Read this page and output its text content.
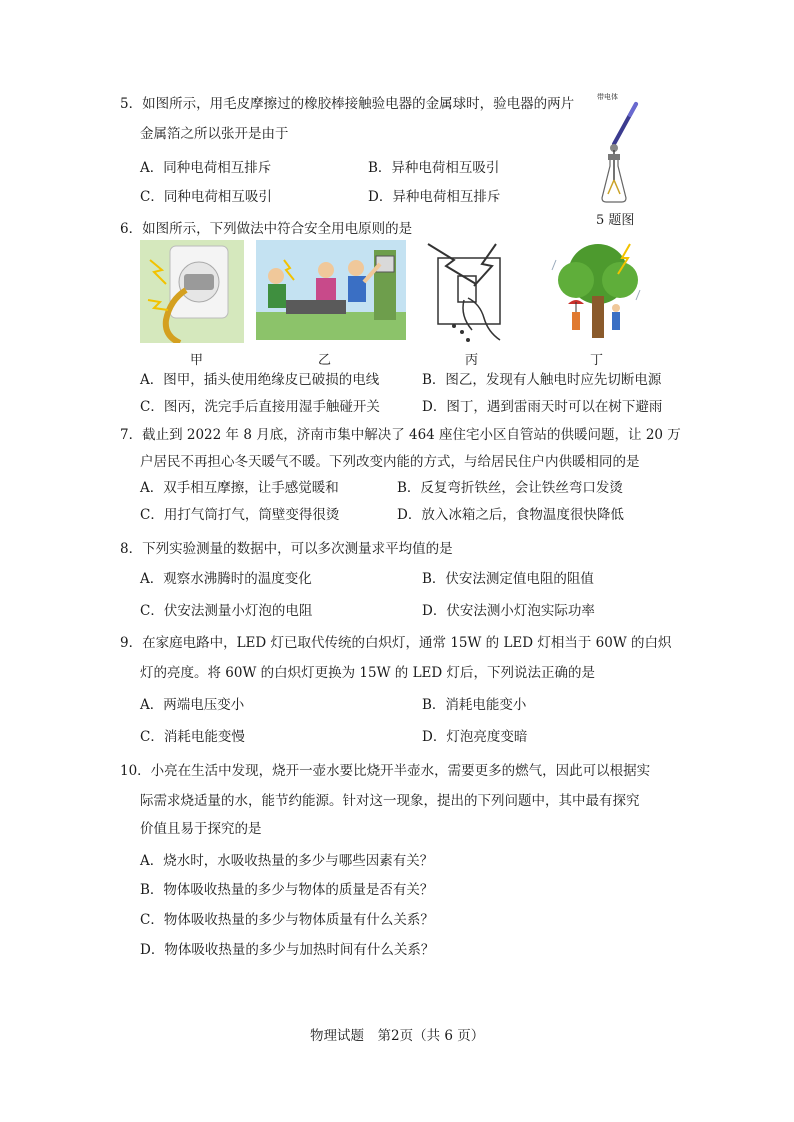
5．如图所示，用毛皮摩擦过的橡胶棒接触验电器的金属球时，验电器的两片
金属箔之所以张开是由于
A．同种电荷相互排斥	B．异种电荷相互吸引
C．同种电荷相互吸引	D．异种电荷相互排斥
带电体
5 题图
6．如图所示，下列做法中符合安全用电原则的是
甲	乙	丙	丁
A．图甲，插头使用绝缘皮已破损的电线	B．图乙，发现有人触电时应先切断电源
C．图丙，洗完手后直接用湿手触碰开关	D．图丁，遇到雷雨天时可以在树下避雨
7．截止到 2022 年 8 月底，济南市集中解决了 464 座住宅小区自管站的供暖问题，让 20 万
户居民不再担心冬天暖气不暖。下列改变内能的方式，与给居民住户内供暖相同的是
A．双手相互摩擦，让手感觉暖和	B．反复弯折铁丝，会让铁丝弯口发烫
C．用打气筒打气，筒壁变得很烫	D．放入冰箱之后，食物温度很快降低
8．下列实验测量的数据中，可以多次测量求平均值的是
A．观察水沸腾时的温度变化	B．伏安法测定值电阻的阻值
C．伏安法测量小灯泡的电阻	D．伏安法测小灯泡实际功率
9．在家庭电路中，LED 灯已取代传统的白炽灯，通常 15W 的 LED 灯相当于 60W 的白炽
灯的亮度。将 60W 的白炽灯更换为 15W 的 LED 灯后，下列说法正确的是
A．两端电压变小	B．消耗电能变小
C．消耗电能变慢	D．灯泡亮度变暗
10．小亮在生活中发现，烧开一壶水要比烧开半壶水，需要更多的燃气，因此可以根据实
际需求烧适量的水，能节约能源。针对这一现象，提出的下列问题中，其中最有探究
价值且易于探究的是
A．烧水时，水吸收热量的多少与哪些因素有关？
B．物体吸收热量的多少与物体的质量是否有关？
C．物体吸收热量的多少与物体质量有什么关系？
D．物体吸收热量的多少与加热时间有什么关系？
物理试题　第2页（共 6 页）
